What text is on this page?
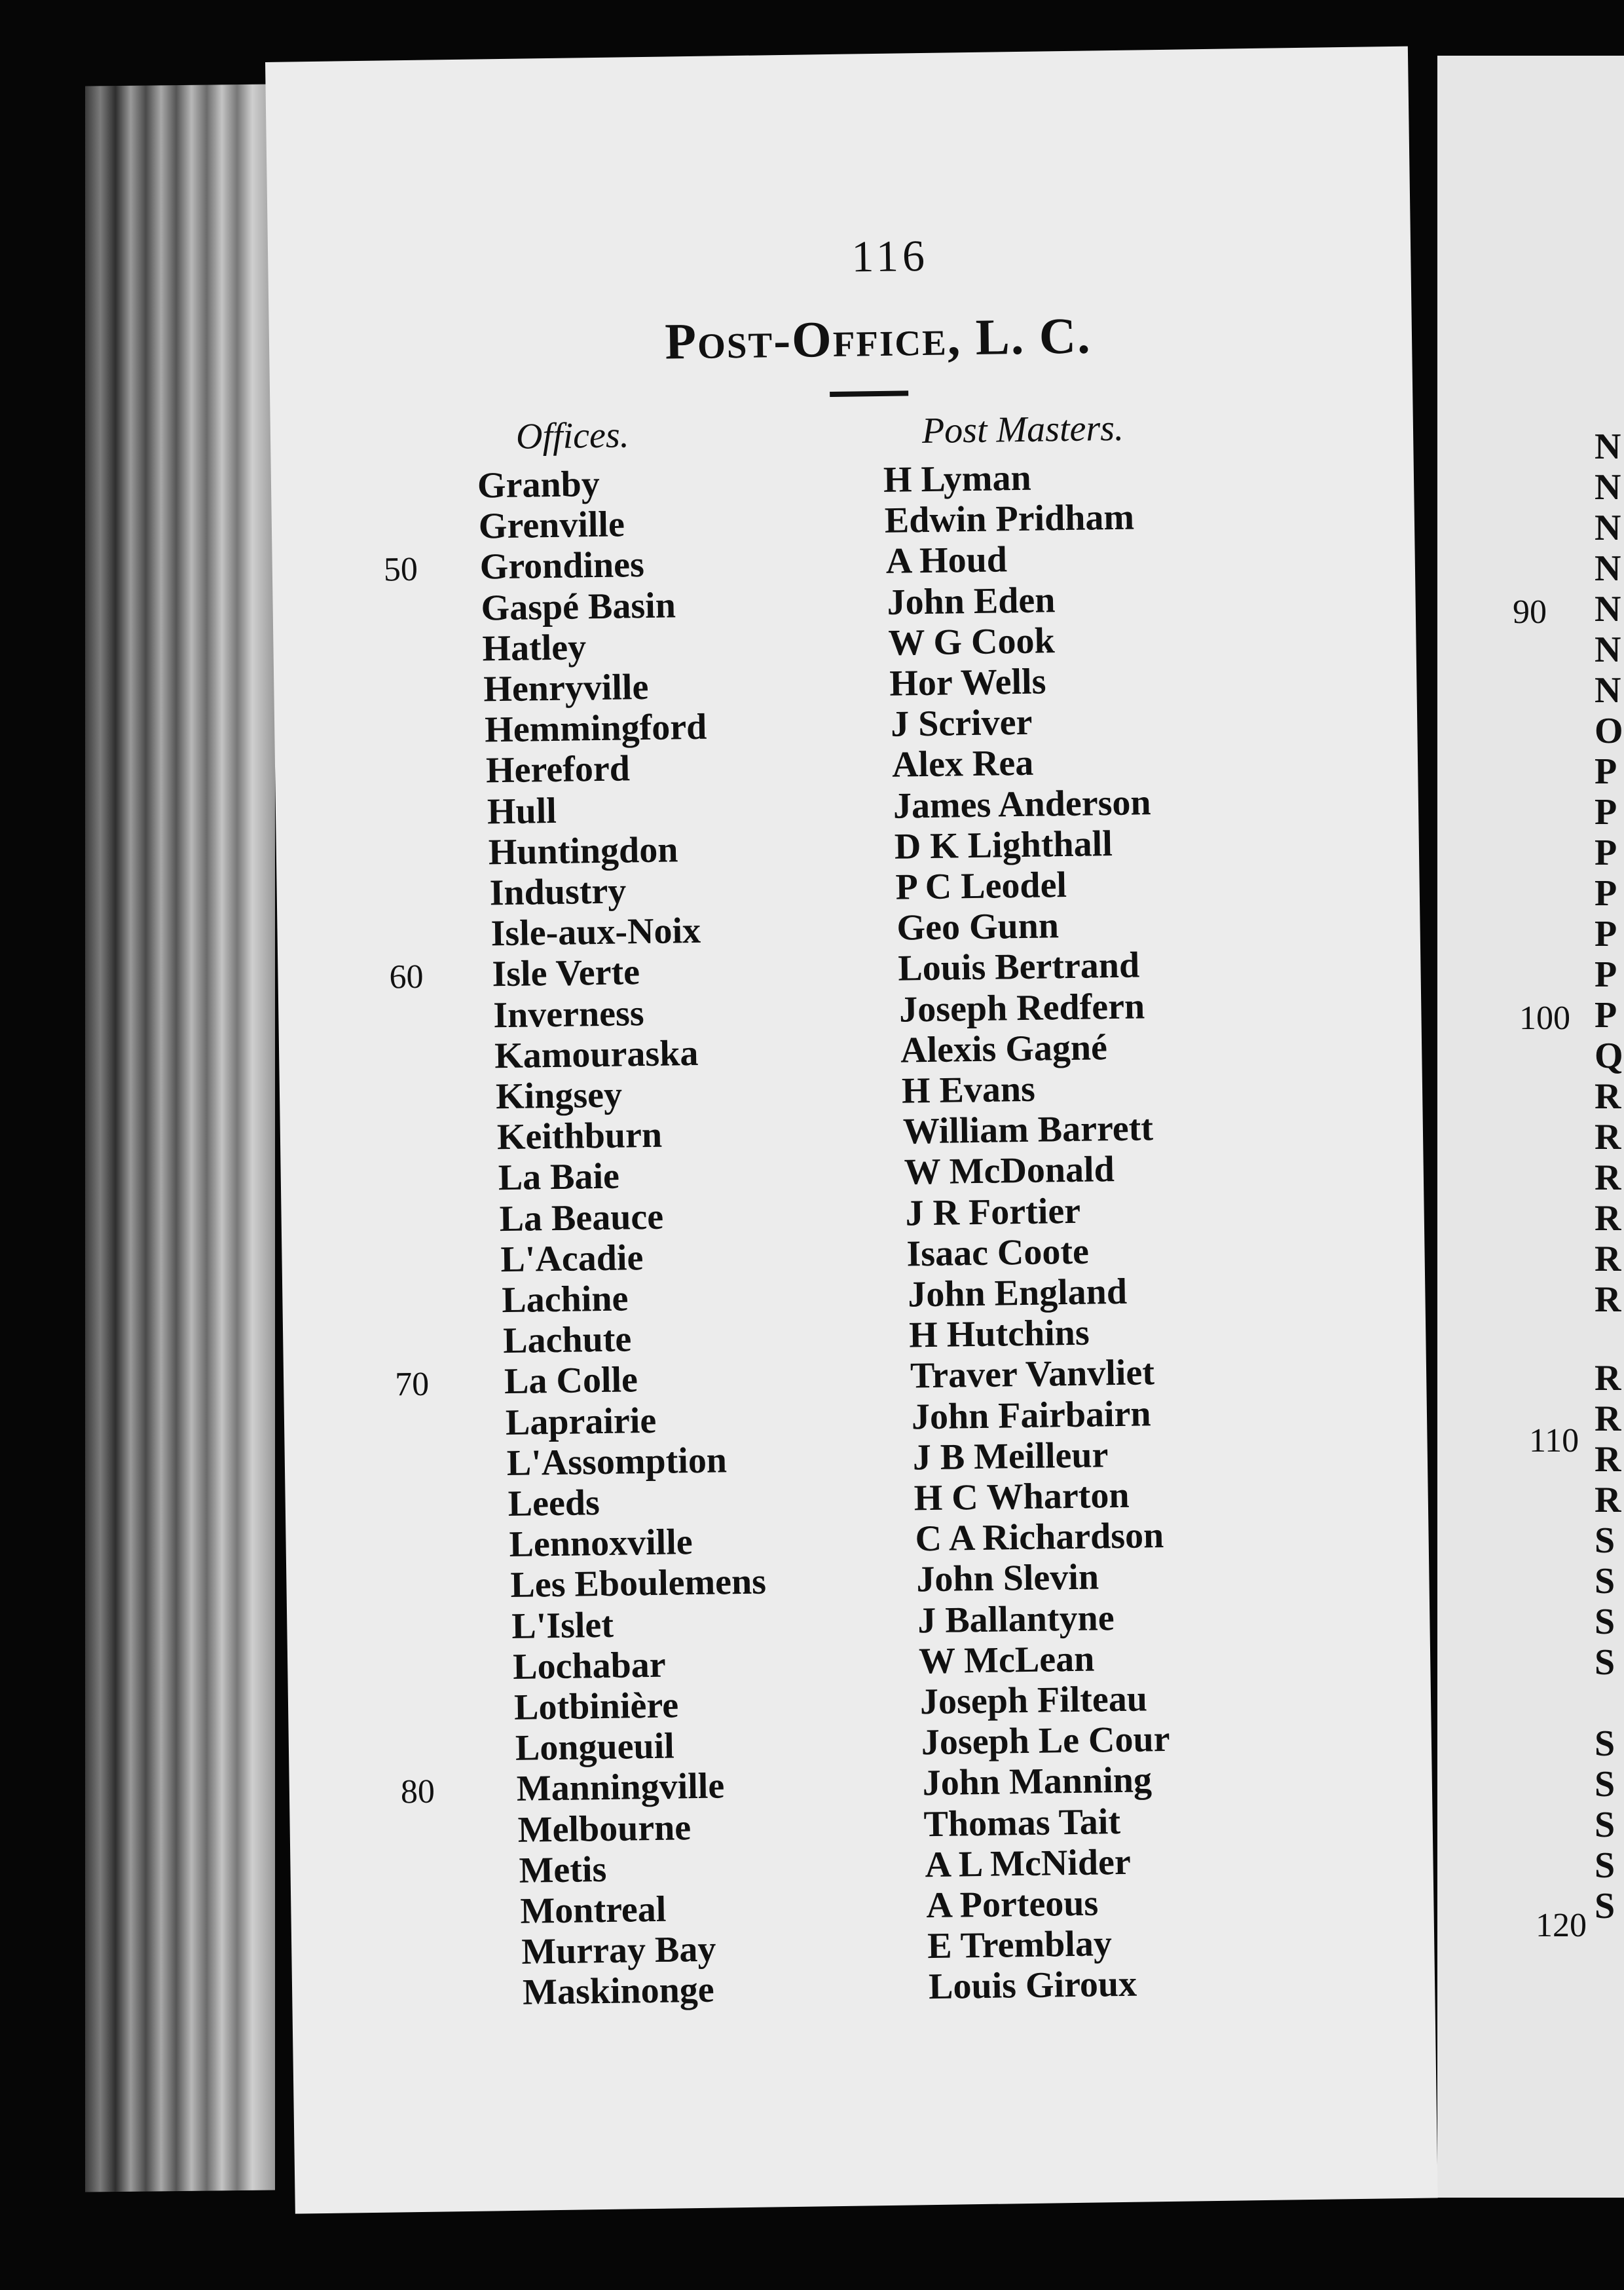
116
Post-Office, L. C.
Offices.	Post Masters.
Granby	H Lyman
Grenville	Edwin Pridham
50 Grondines	A Houd
Gaspé Basin	John Eden
Hatley	W G Cook
Henryville	Hor Wells
Hemmingford	J Scriver
Hereford	Alex Rea
Hull	James Anderson
Huntingdon	D K Lighthall
Industry	P C Leodel
Isle-aux-Noix	Geo Gunn
60 Isle Verte	Louis Bertrand
Inverness	Joseph Redfern
Kamouraska	Alexis Gagné
Kingsey	H Evans
Keithburn	William Barrett
La Baie	W McDonald
La Beauce	J R Fortier
L'Acadie	Isaac Coote
Lachine	John England
Lachute	H Hutchins
70 La Colle	Traver Vanvliet
Laprairie	John Fairbairn
L'Assomption	J B Meilleur
Leeds	H C Wharton
Lennoxville	C A Richardson
Les Eboulemens	John Slevin
L'Islet	J Ballantyne
Lochabar	W McLean
Lotbinière	Joseph Filteau
Longueuil	Joseph Le Cour
80 Manningville	John Manning
Melbourne	Thomas Tait
Metis	A L McNider
Montreal	A Porteous
Murray Bay	E Tremblay
Maskinonge	Louis Giroux
90
100
110
120
N
N
N
N
N
N
N
O
P
P
P
P
P
P
P
Q
R
R
R
R
R
R
R
R
R
R
S
S
S
S
S
S
S
S
S
